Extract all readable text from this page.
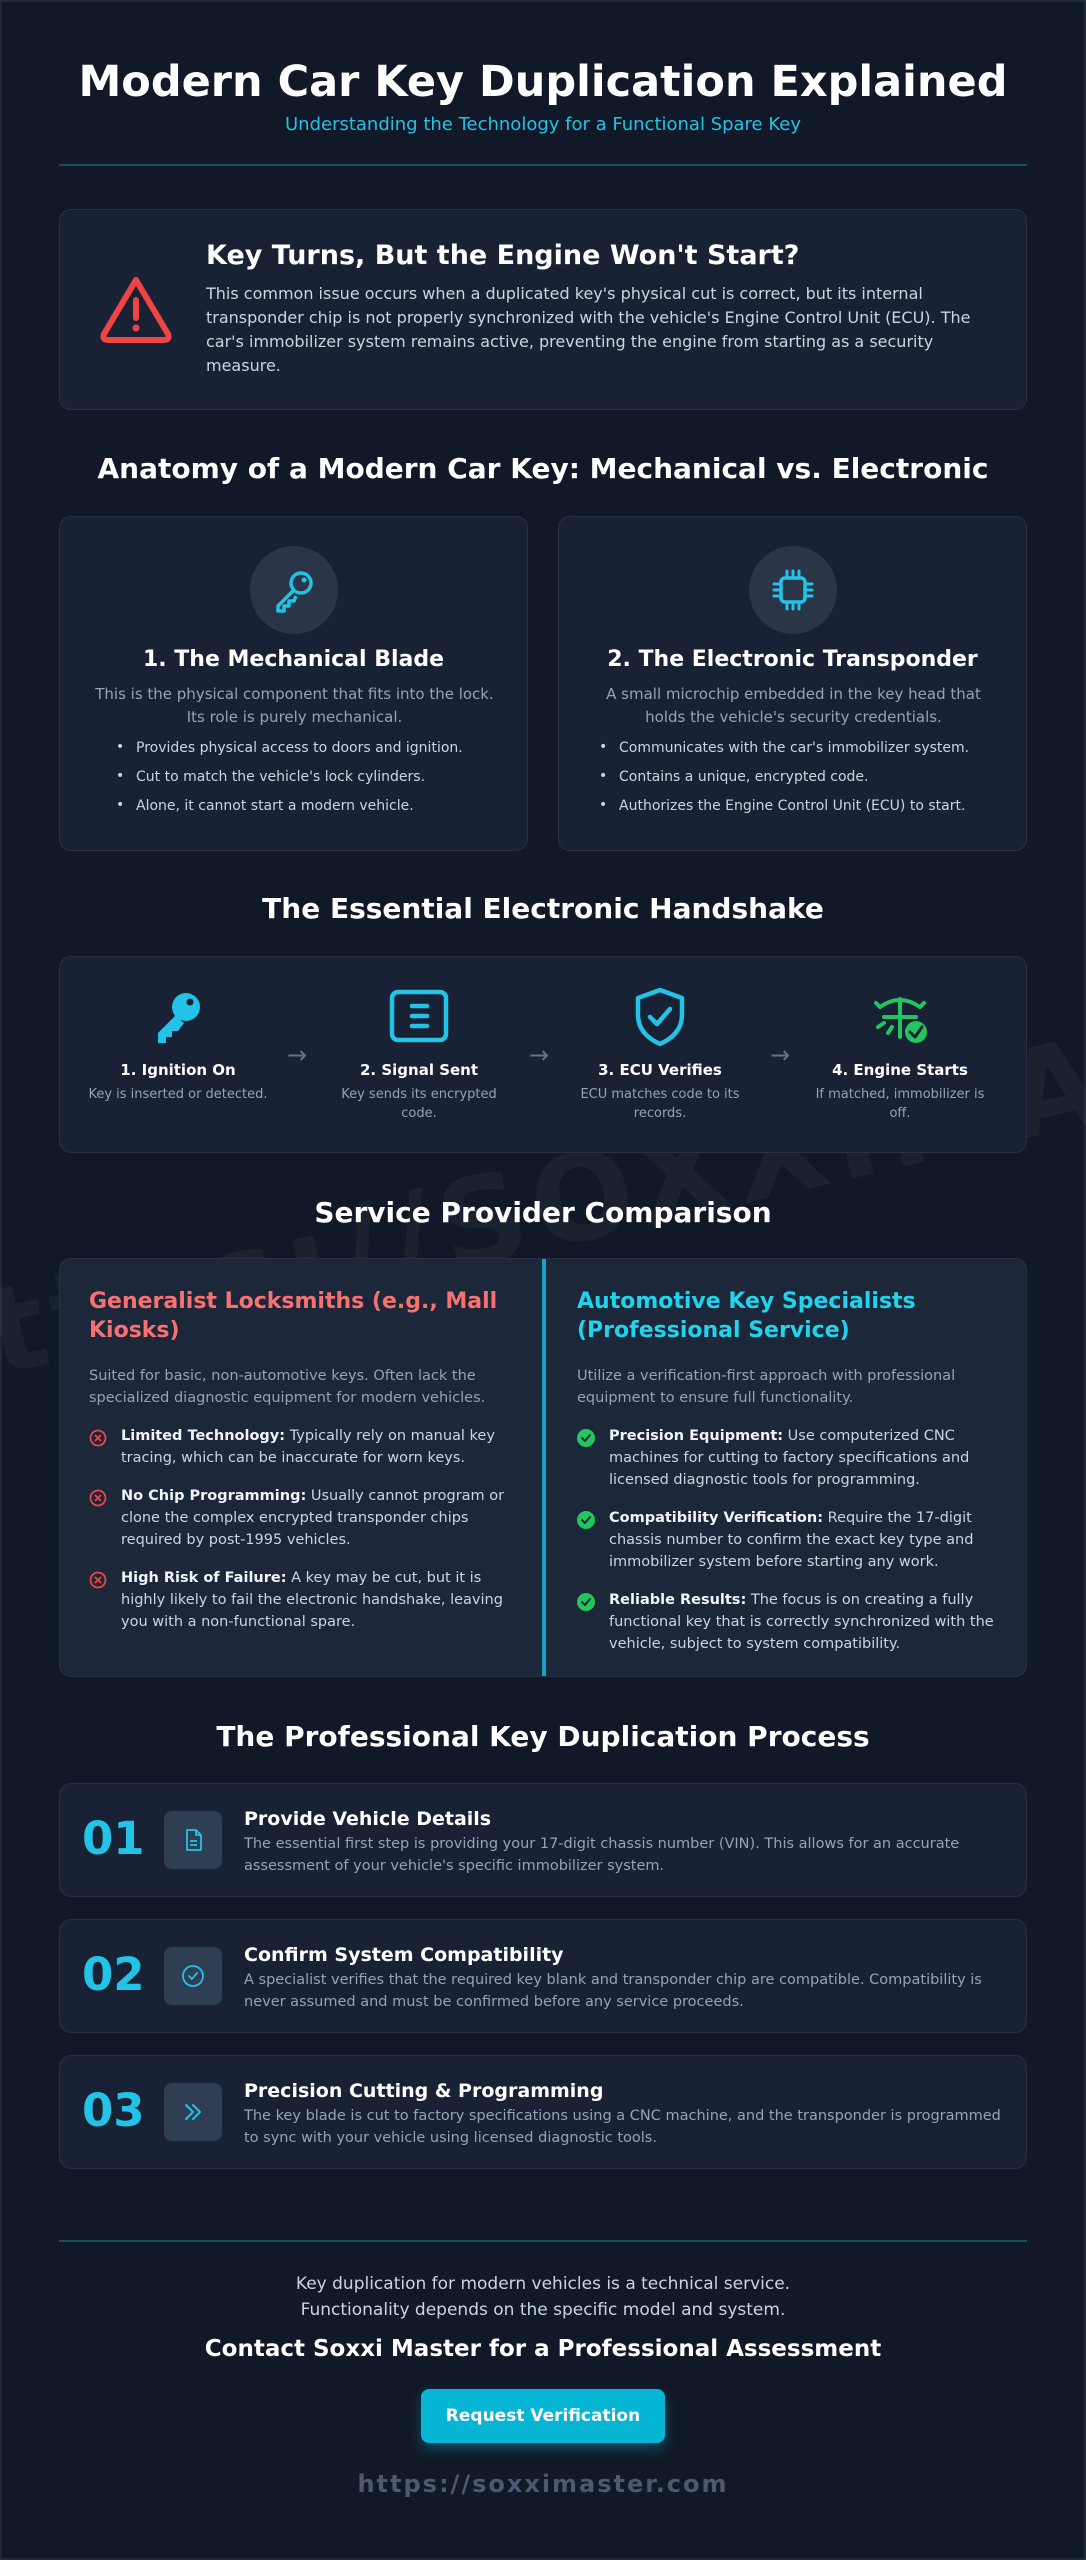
Modern Car Key Duplication Explained
Understanding the Technology for a Functional Spare Key
Key Turns, But the Engine Won't Start?

This common issue occurs when a duplicated key's physical cut is correct, but its internal transponder chip is not properly synchronized with the vehicle's Engine Control Unit (ECU). The car's immobilizer system remains active, preventing the engine from starting as a security measure.

Anatomy of a Modern Car Key: Mechanical vs. Electronic
1. The Mechanical Blade
This is the physical component that fits into the lock. Its role is purely mechanical.
• Provides physical access to doors and ignition.
• Cut to match the vehicle's lock cylinders.
• Alone, it cannot start a modern vehicle.
2. The Electronic Transponder
A small microchip embedded in the key head that holds the vehicle's security credentials.
• Communicates with the car's immobilizer system.
• Contains a unique, encrypted code.
• Authorizes the Engine Control Unit (ECU) to start.
The Essential Electronic Handshake
1. Ignition On
Key is inserted or detected.
→
2. Signal Sent
Key sends its encrypted code.
→
3. ECU Verifies
ECU matches code to its records.
→
4. Engine Starts
If matched, immobilizer is off.
Service Provider Comparison
Generalist Locksmiths (e.g., Mall Kiosks)
Suited for basic, non-automotive keys. Often lack the specialized diagnostic equipment for modern vehicles.
Limited Technology: Typically rely on manual key tracing, which can be inaccurate for worn keys.
No Chip Programming: Usually cannot program or clone the complex encrypted transponder chips required by post-1995 vehicles.
High Risk of Failure: A key may be cut, but it is highly likely to fail the electronic handshake, leaving you with a non-functional spare.
Automotive Key Specialists (Professional Service)
Utilize a verification-first approach with professional equipment to ensure full functionality.
Precision Equipment: Use computerized CNC machines for cutting to factory specifications and licensed diagnostic tools for programming.
Compatibility Verification: Require the 17-digit chassis number to confirm the exact key type and immobilizer system before starting any work.
Reliable Results: The focus is on creating a fully functional key that is correctly synchronized with the vehicle, subject to system compatibility.
The Professional Key Duplication Process
01	Provide Vehicle Details

The essential first step is providing your 17-digit chassis number (VIN). This allows for an accurate assessment of your vehicle's specific immobilizer system.

02	Confirm System Compatibility

A specialist verifies that the required key blank and transponder chip are compatible. Compatibility is never assumed and must be confirmed before any service proceeds.

03	Precision Cutting & Programming

The key blade is cut to factory specifications using a CNC machine, and the transponder is programmed to sync with your vehicle using licensed diagnostic tools.

Key duplication for modern vehicles is a technical service.
Functionality depends on the specific model and system.
Contact Soxxi Master for a Professional Assessment
Request Verification
https://soxximaster.com
